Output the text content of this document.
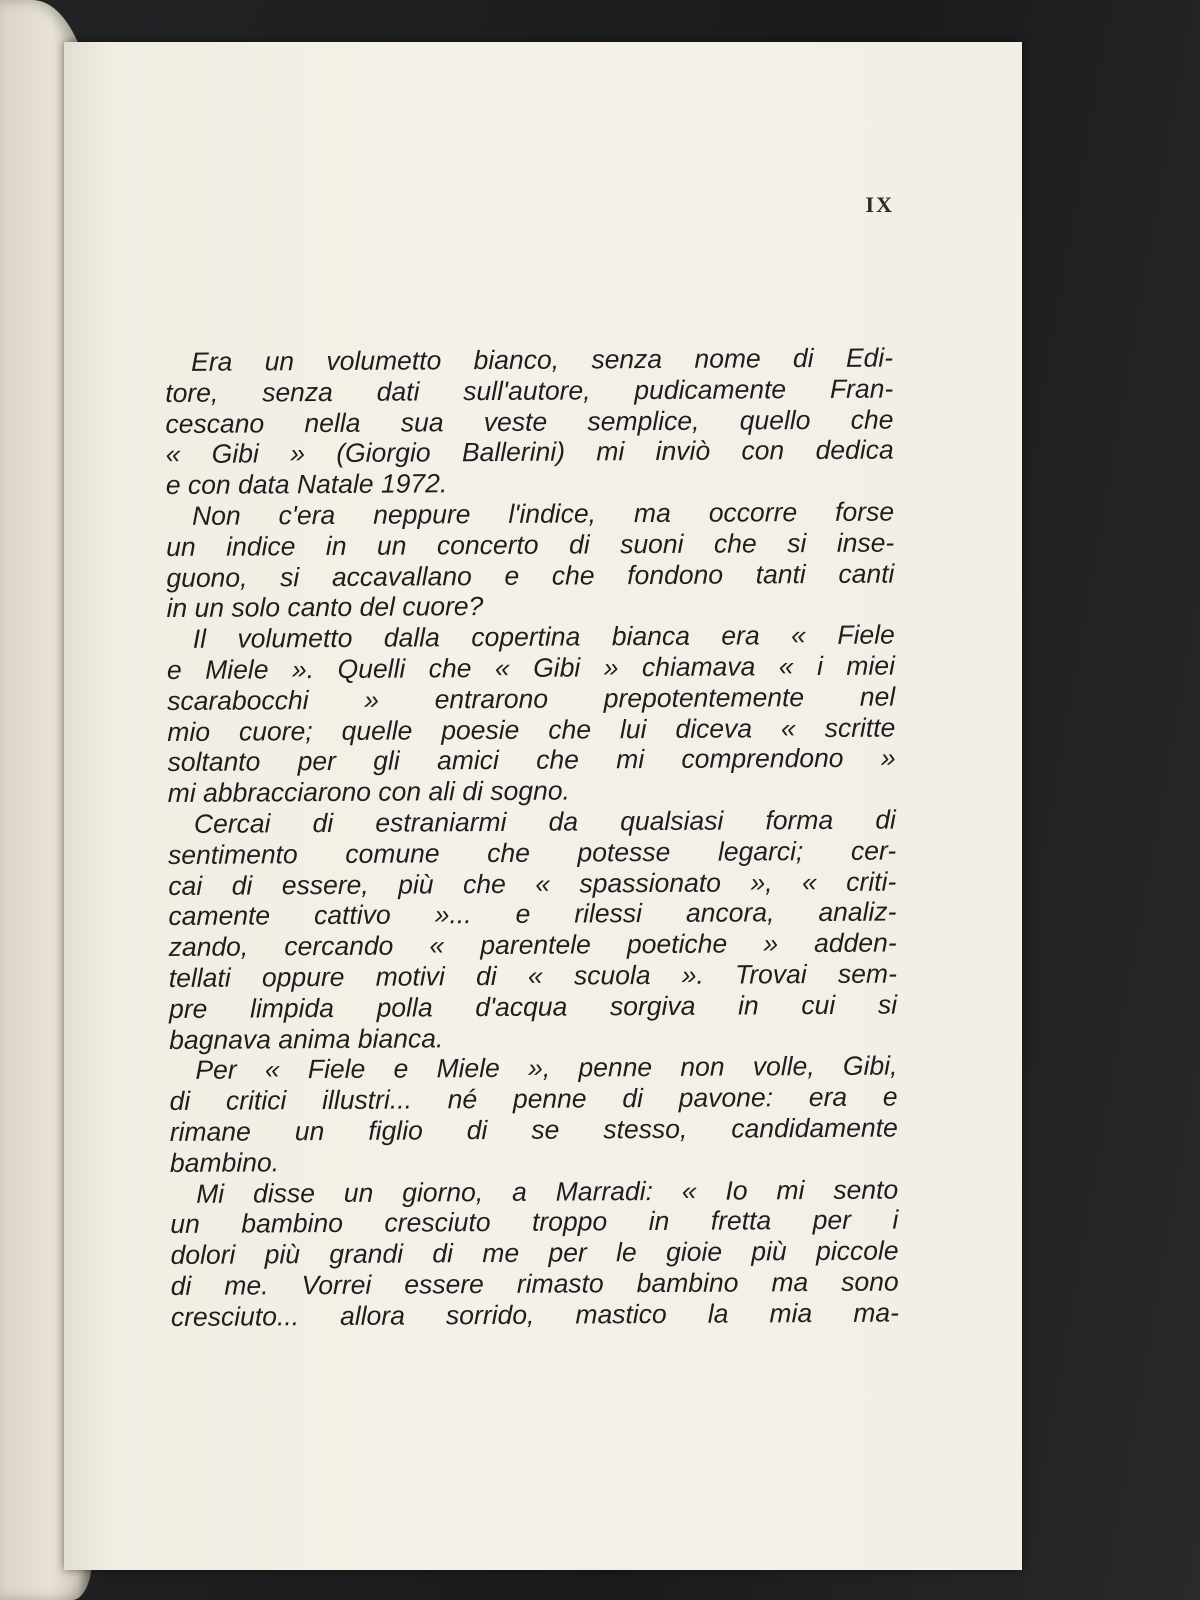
IX
Era un volumetto bianco, senza nome di Edi-
tore, senza dati sull'autore, pudicamente Fran-
cescano nella sua veste semplice, quello che
« Gibi » (Giorgio Ballerini) mi inviò con dedica
e con data Natale 1972.
Non c'era neppure l'indice, ma occorre forse
un indice in un concerto di suoni che si inse-
guono, si accavallano e che fondono tanti canti
in un solo canto del cuore?
Il volumetto dalla copertina bianca era « Fiele
e Miele ». Quelli che « Gibi » chiamava « i miei
scarabocchi » entrarono prepotentemente nel
mio cuore; quelle poesie che lui diceva « scritte
soltanto per gli amici che mi comprendono »
mi abbracciarono con ali di sogno.
Cercai di estraniarmi da qualsiasi forma di
sentimento comune che potesse legarci; cer-
cai di essere, più che « spassionato », « criti-
camente cattivo »... e rilessi ancora, analiz-
zando, cercando « parentele poetiche » adden-
tellati oppure motivi di « scuola ». Trovai sem-
pre limpida polla d'acqua sorgiva in cui si
bagnava anima bianca.
Per « Fiele e Miele », penne non volle, Gibi,
di critici illustri... né penne di pavone: era e
rimane un figlio di se stesso, candidamente
bambino.
Mi disse un giorno, a Marradi: « Io mi sento
un bambino cresciuto troppo in fretta per i
dolori più grandi di me per le gioie più piccole
di me. Vorrei essere rimasto bambino ma sono
cresciuto... allora sorrido, mastico la mia ma-
